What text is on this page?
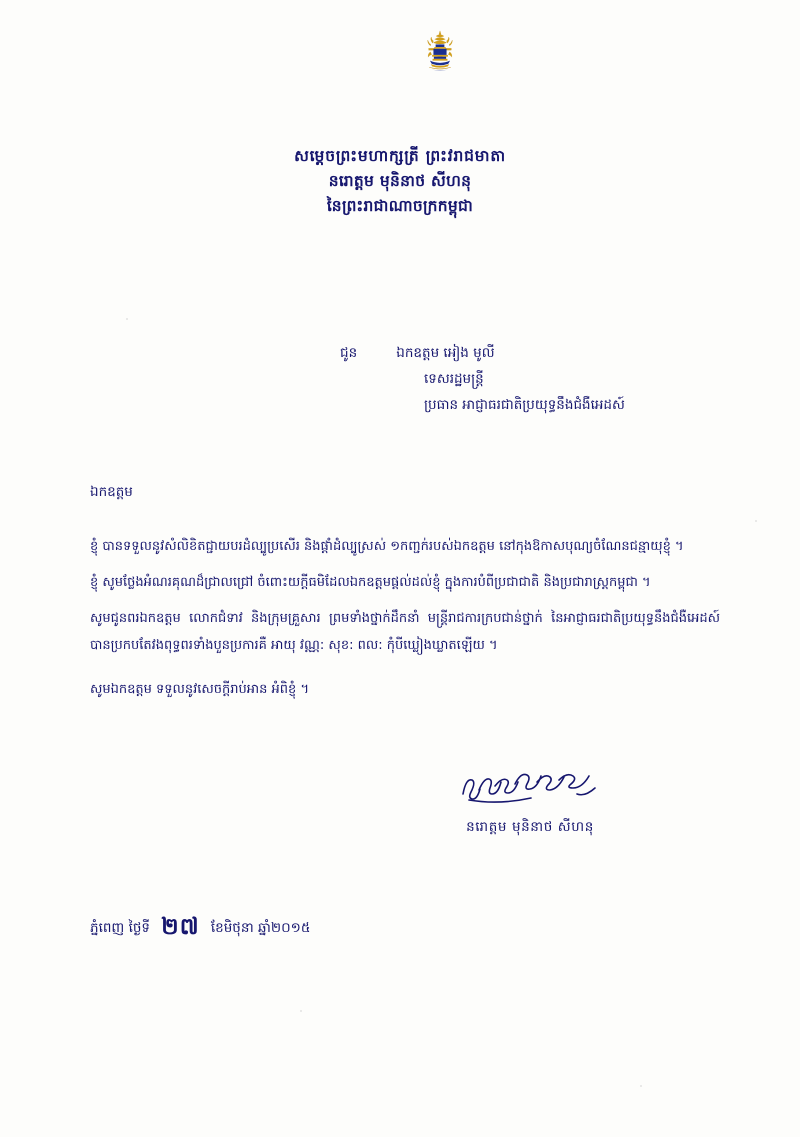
សម្តេចព្រះមហាក្សត្រី ព្រះវរាជមាតា
នរោត្តម មុនិនាថ សីហនុ
នៃព្រះរាជាណាចក្រកម្ពុជា
ជូន	ឯកឧត្តម អៀង មូលី
ទេសរដ្ឋមន្ត្រី
ប្រធាន អាជ្ញាធរជាតិប្រយុទ្ធនឹងជំងឺអេដស៍
ឯកឧត្តម

ខ្ញុំ បានទទួលនូវសំលិខិតជ្ជាយបរដំល្បូប្រសើរ និងផ្តាំដំល្បូស្រស់ ១កញ្ជក់របស់ឯកឧត្តម នៅកុងឱកាសបុណ្យចំណែនជន្មាយុខ្ញុំ ។

ខ្ញុំ សូមថ្លែងអំណរគុណដ៏ជ្រាលជ្រៅ ចំពោះយក្តីធមិដែលឯកឧត្តមផ្តល់ដល់ខ្ញុំ ក្នុងការបំពីប្រជាជាតិ និងប្រជារាស្ត្រកម្ពុជា ។

សូមជូនពរឯកឧត្តម លោកជំទាវ និងក្រុមគ្រួសារ ព្រមទាំងថ្នាក់ដឹកនាំ មន្ត្រីរាជការក្របជាន់ថ្នាក់ នៃអាជ្ញាធរជាតិប្រយុទ្ធនឹងជំងឺអេដស៍ បានប្រកបតែវងពុទ្ធពរទាំងបួនប្រការគឺ អាយុ វណ្ណ: សុខ: ពល: កុំបីឃ្លៀងឃ្លាតឡើយ ។

សូមឯកឧត្តម ទទួលនូវសេចក្តីរាប់អាន អំពិខ្ញុំ ។

នរោត្តម មុនិនាថ សីហនុ
ភ្នំពេញ ថ្ងៃទី ២៧ ខែមិថុនា ឆ្នាំ២០១៥
